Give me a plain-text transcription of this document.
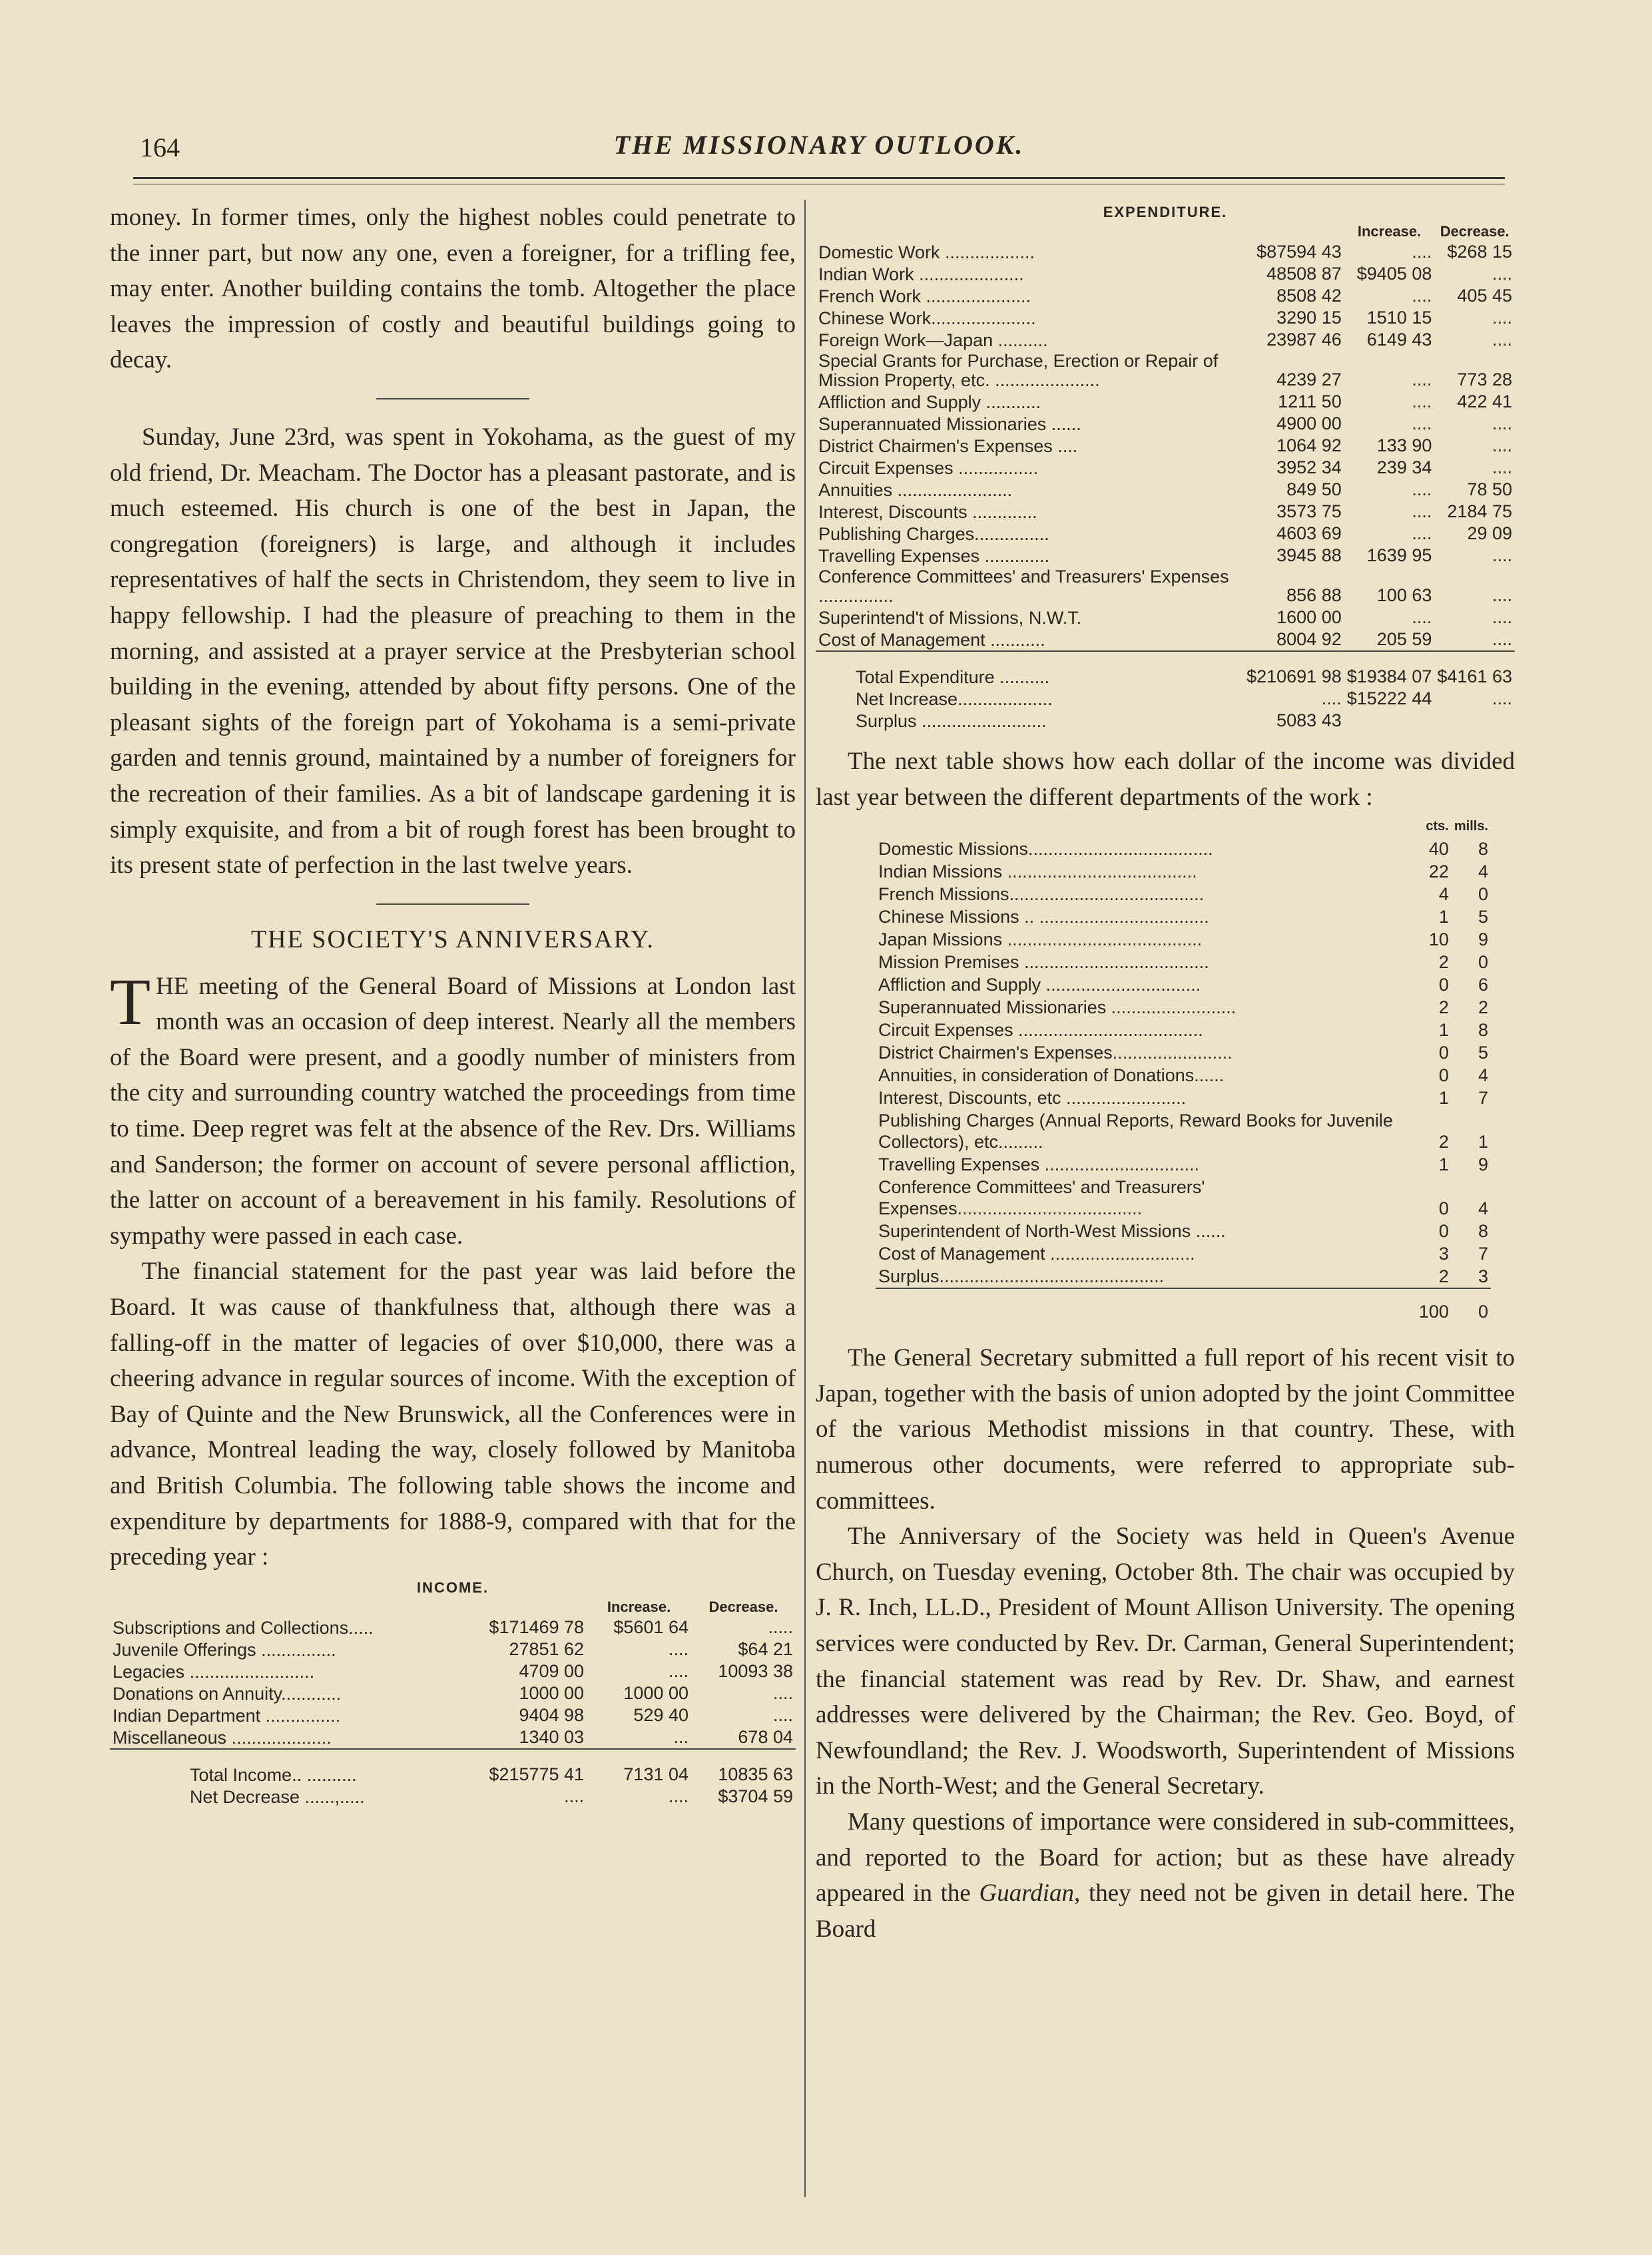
164	THE MISSIONARY OUTLOOK.

money. In former times, only the highest nobles could penetrate to the inner part, but now any one, even a foreigner, for a trifling fee, may enter. Another building contains the tomb. Altogether the place leaves the impression of costly and beautiful buildings going to decay.

Sunday, June 23rd, was spent in Yokohama, as the guest of my old friend, Dr. Meacham. The Doctor has a pleasant pastorate, and is much esteemed. His church is one of the best in Japan, the congregation (foreigners) is large, and although it includes representatives of half the sects in Christendom, they seem to live in happy fellowship. I had the pleasure of preaching to them in the morning, and assisted at a prayer service at the Presbyterian school building in the evening, attended by about fifty persons. One of the pleasant sights of the foreign part of Yokohama is a semi-private garden and tennis ground, maintained by a number of foreigners for the recreation of their families. As a bit of landscape gardening it is simply exquisite, and from a bit of rough forest has been brought to its present state of perfection in the last twelve years.

THE SOCIETY'S ANNIVERSARY.

THE meeting of the General Board of Missions at London last month was an occasion of deep interest. Nearly all the members of the Board were present, and a goodly number of ministers from the city and surrounding country watched the proceedings from time to time. Deep regret was felt at the absence of the Rev. Drs. Williams and Sanderson; the former on account of severe personal affliction, the latter on account of a bereavement in his family. Resolutions of sympathy were passed in each case.

The financial statement for the past year was laid before the Board. It was cause of thankfulness that, although there was a falling-off in the matter of legacies of over $10,000, there was a cheering advance in regular sources of income. With the exception of Bay of Quinte and the New Brunswick, all the Conferences were in advance, Montreal leading the way, closely followed by Manitoba and British Columbia. The following table shows the income and expenditure by departments for 1888-9, compared with that for the preceding year :

INCOME.
		Increase.	Decrease.
Subscriptions and Collections.....	$171469 78	$5601 64	.....
Juvenile Offerings ...............	27851 62	....	$64 21
Legacies .........................	4709 00	....	10093 38
Donations on Annuity............	1000 00	1000 00	....
Indian Department ...............	9404 98	529 40	....
Miscellaneous ....................	1340 03	...	678 04
Total Income.. ..........	$215775 41	7131 04	10835 63
Net Decrease ......,.....	....	....	$3704 59
EXPENDITURE.
		Increase.	Decrease.
Domestic Work ..................	$87594 43	....	$268 15
Indian Work .....................	48508 87	$9405 08	....
French Work .....................	8508 42	....	405 45
Chinese Work.....................	3290 15	1510 15	....
Foreign Work—Japan ..........	23987 46	6149 43	....
Special Grants for Purchase, Erection or Repair of Mission Property, etc. .....................	4239 27	....	773 28
Affliction and Supply ...........	1211 50	....	422 41
Superannuated Missionaries ......	4900 00	....	....
District Chairmen's Expenses ....	1064 92	133 90	....
Circuit Expenses ................	3952 34	239 34	....
Annuities .......................	849 50	....	78 50
Interest, Discounts .............	3573 75	....	2184 75
Publishing Charges...............	4603 69	....	29 09
Travelling Expenses .............	3945 88	1639 95	....
Conference Committees' and Treasurers' Expenses ...............	856 88	100 63	....
Superintend't of Missions, N.W.T.	1600 00	....	....
Cost of Management ...........	8004 92	205 59	....
Total Expenditure ..........	$210691 98	$19384 07	$4161 63
Net Increase...................	....	$15222 44	....
Surplus .........................	5083 43		

The next table shows how each dollar of the income was divided last year between the different departments of the work :

	cts.	mills.
Domestic Missions.....................................	40	8
Indian Missions ......................................	22	4
French Missions.......................................	4	0
Chinese Missions .. ..................................	1	5
Japan Missions .......................................	10	9
Mission Premises .....................................	2	0
Affliction and Supply ...............................	0	6
Superannuated Missionaries .........................	2	2
Circuit Expenses .....................................	1	8
District Chairmen's Expenses........................	0	5
Annuities, in consideration of Donations......	0	4
Interest, Discounts, etc ........................	1	7
Publishing Charges (Annual Reports, Reward Books for Juvenile Collectors), etc.........	2	1
Travelling Expenses ...............................	1	9
Conference Committees' and Treasurers' Expenses.....................................	0	4
Superintendent of North-West Missions ......	0	8
Cost of Management .............................	3	7
Surplus.............................................	2	3
	100	0

The General Secretary submitted a full report of his recent visit to Japan, together with the basis of union adopted by the joint Committee of the various Methodist missions in that country. These, with numerous other documents, were referred to appropriate sub-committees.

The Anniversary of the Society was held in Queen's Avenue Church, on Tuesday evening, October 8th. The chair was occupied by J. R. Inch, LL.D., President of Mount Allison University. The opening services were conducted by Rev. Dr. Carman, General Superintendent; the financial statement was read by Rev. Dr. Shaw, and earnest addresses were delivered by the Chairman; the Rev. Geo. Boyd, of Newfoundland; the Rev. J. Woodsworth, Superintendent of Missions in the North-West; and the General Secretary.

Many questions of importance were considered in sub-committees, and reported to the Board for action; but as these have already appeared in the Guardian, they need not be given in detail here. The Board
